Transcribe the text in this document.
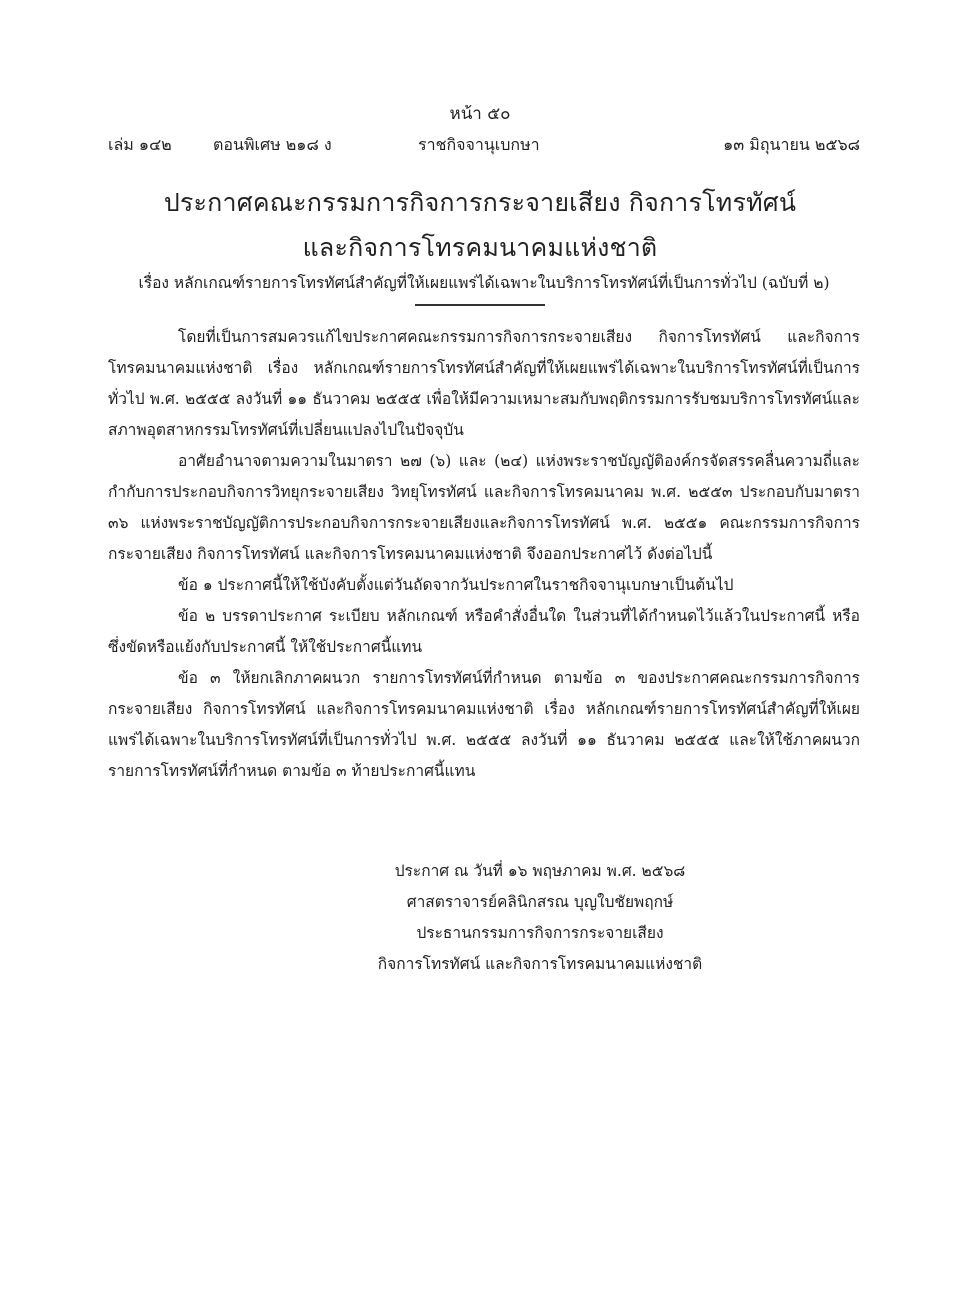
หน้า ๕๐
เล่ม ๑๔๒	ตอนพิเศษ ๒๑๘ ง	ราชกิจจานุเบกษา	๑๓ มิถุนายน ๒๕๖๘
ประกาศคณะกรรมการกิจการกระจายเสียง กิจการโทรทัศน์
และกิจการโทรคมนาคมแห่งชาติ
เรื่อง หลักเกณฑ์รายการโทรทัศน์สำคัญที่ให้เผยแพร่ได้เฉพาะในบริการโทรทัศน์ที่เป็นการทั่วไป (ฉบับที่ ๒)

โดยที่เป็นการสมควรแก้ไขประกาศคณะกรรมการกิจการกระจายเสียง กิจการโทรทัศน์ และกิจการโทรคมนาคมแห่งชาติ เรื่อง หลักเกณฑ์รายการโทรทัศน์สำคัญที่ให้เผยแพร่ได้เฉพาะในบริการโทรทัศน์ที่เป็นการทั่วไป พ.ศ. ๒๕๕๕ ลงวันที่ ๑๑ ธันวาคม ๒๕๕๕ เพื่อให้มีความเหมาะสมกับพฤติกรรมการรับชมบริการโทรทัศน์และสภาพอุตสาหกรรมโทรทัศน์ที่เปลี่ยนแปลงไปในปัจจุบัน

อาศัยอำนาจตามความในมาตรา ๒๗ (๖) และ (๒๔) แห่งพระราชบัญญัติองค์กรจัดสรรคลื่นความถี่และกำกับการประกอบกิจการวิทยุกระจายเสียง วิทยุโทรทัศน์ และกิจการโทรคมนาคม พ.ศ. ๒๕๕๓ ประกอบกับมาตรา ๓๖ แห่งพระราชบัญญัติการประกอบกิจการกระจายเสียงและกิจการโทรทัศน์ พ.ศ. ๒๕๕๑ คณะกรรมการกิจการกระจายเสียง กิจการโทรทัศน์ และกิจการโทรคมนาคมแห่งชาติ จึงออกประกาศไว้ ดังต่อไปนี้

ข้อ ๑ ประกาศนี้ให้ใช้บังคับตั้งแต่วันถัดจากวันประกาศในราชกิจจานุเบกษาเป็นต้นไป

ข้อ ๒ บรรดาประกาศ ระเบียบ หลักเกณฑ์ หรือคำสั่งอื่นใด ในส่วนที่ได้กำหนดไว้แล้วในประกาศนี้ หรือซึ่งขัดหรือแย้งกับประกาศนี้ ให้ใช้ประกาศนี้แทน

ข้อ ๓ ให้ยกเลิกภาคผนวก รายการโทรทัศน์ที่กำหนด ตามข้อ ๓ ของประกาศคณะกรรมการกิจการกระจายเสียง กิจการโทรทัศน์ และกิจการโทรคมนาคมแห่งชาติ เรื่อง หลักเกณฑ์รายการโทรทัศน์สำคัญที่ให้เผยแพร่ได้เฉพาะในบริการโทรทัศน์ที่เป็นการทั่วไป พ.ศ. ๒๕๕๕ ลงวันที่ ๑๑ ธันวาคม ๒๕๕๕ และให้ใช้ภาคผนวก รายการโทรทัศน์ที่กำหนด ตามข้อ ๓ ท้ายประกาศนี้แทน

ประกาศ ณ วันที่ ๑๖ พฤษภาคม พ.ศ. ๒๕๖๘
ศาสตราจารย์คลินิกสรณ บุญใบชัยพฤกษ์
ประธานกรรมการกิจการกระจายเสียง
กิจการโทรทัศน์ และกิจการโทรคมนาคมแห่งชาติ
